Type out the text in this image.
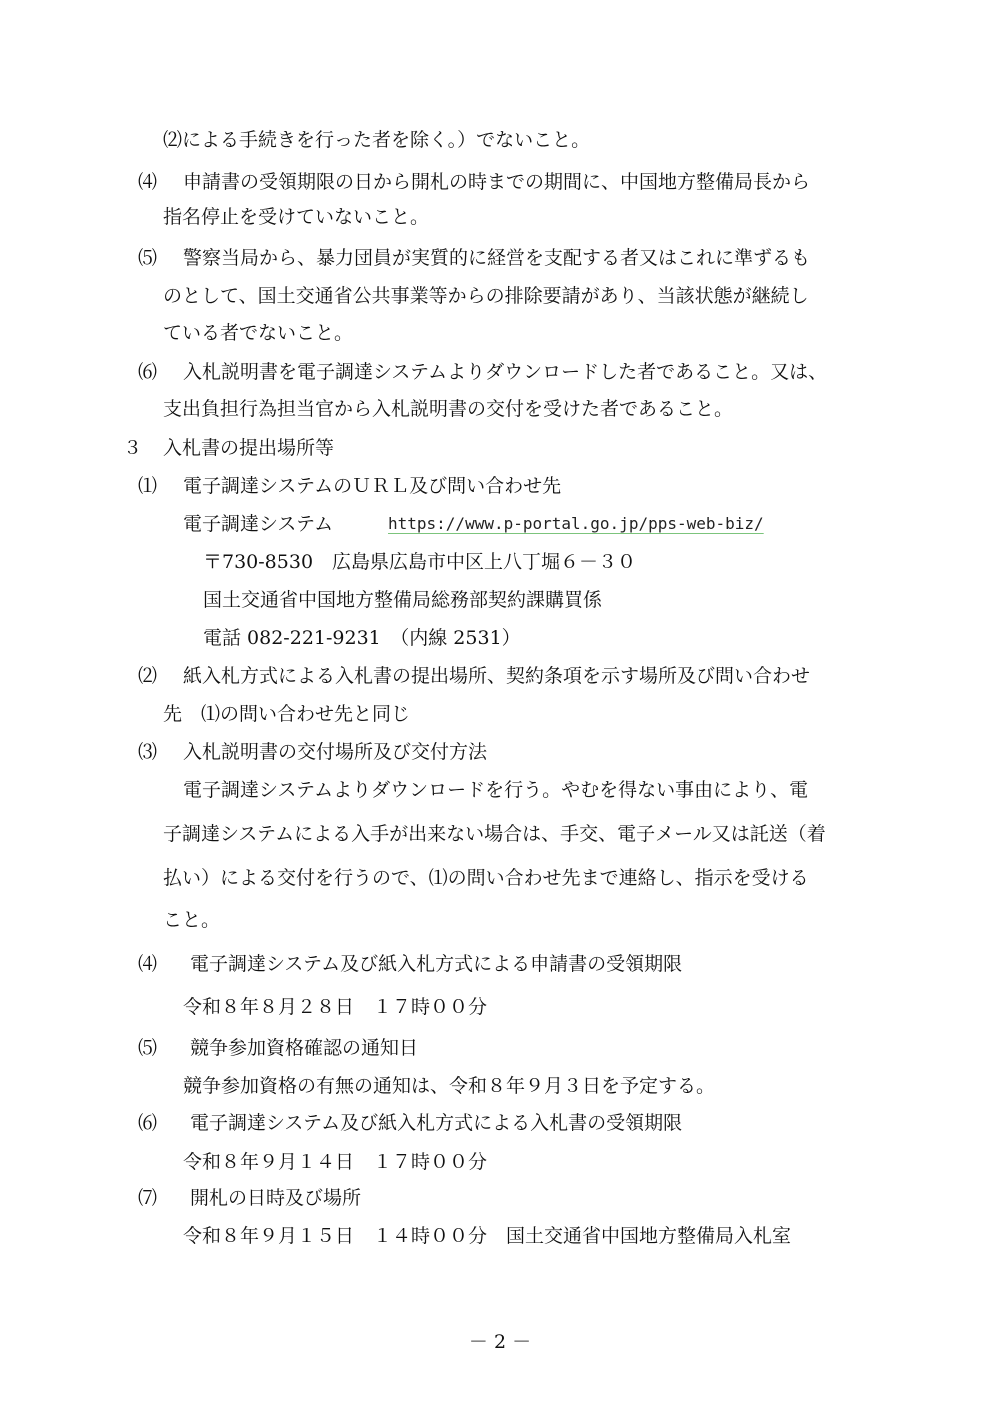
⑵による手続きを行った者を除く。）でないこと。
⑷ 申請書の受領期限の日から開札の時までの期間に、中国地方整備局長から
指名停止を受けていないこと。
⑸ 警察当局から、暴力団員が実質的に経営を支配する者又はこれに準ずるも
のとして、国土交通省公共事業等からの排除要請があり、当該状態が継続し
ている者でないこと。
⑹ 入札説明書を電子調達システムよりダウンロードした者であること。又は、
支出負担行為担当官から入札説明書の交付を受けた者であること。
３ 入札書の提出場所等
⑴ 電子調達システムのＵＲＬ及び問い合わせ先
電子調達システム	https://www.p-portal.go.jp/pps-web-biz/
〒730-8530　広島県広島市中区上八丁堀６－３０
国土交通省中国地方整備局総務部契約課購買係
電話 082-221-9231　（内線 2531）
⑵ 紙入札方式による入札書の提出場所、契約条項を示す場所及び問い合わせ
先　⑴の問い合わせ先と同じ
⑶ 入札説明書の交付場所及び交付方法
電子調達システムよりダウンロードを行う。やむを得ない事由により、電
子調達システムによる入手が出来ない場合は、手交、電子メール又は託送（着
払い）による交付を行うので、⑴の問い合わせ先まで連絡し、指示を受ける
こと。
⑷ 電子調達システム及び紙入札方式による申請書の受領期限
令和８年８月２８日　１７時００分
⑸ 競争参加資格確認の通知日
競争参加資格の有無の通知は、令和８年９月３日を予定する。
⑹ 電子調達システム及び紙入札方式による入札書の受領期限
令和８年９月１４日　１７時００分
⑺ 開札の日時及び場所
令和８年９月１５日　１４時００分　国土交通省中国地方整備局入札室
－ 2 －
